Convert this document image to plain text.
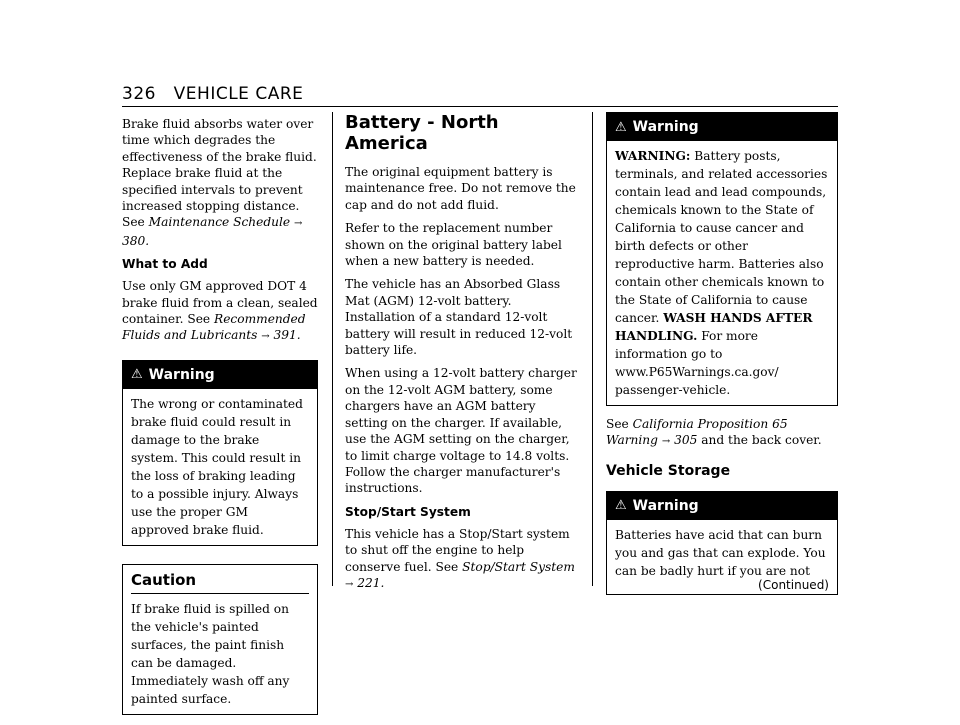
326 VEHICLE CARE

Brake fluid absorbs water over time which degrades the effectiveness of the brake fluid. Replace brake fluid at the specified intervals to prevent increased stopping distance. See Maintenance Schedule → 380.

What to Add

Use only GM approved DOT 4 brake fluid from a clean, sealed container. See Recommended Fluids and Lubricants → 391.

⚠ Warning

The wrong or contaminated brake fluid could result in damage to the brake system. This could result in the loss of braking leading to a possible injury. Always use the proper GM approved brake fluid.

Caution

If brake fluid is spilled on the vehicle's painted surfaces, the paint finish can be damaged. Immediately wash off any painted surface.

Battery - North America

The original equipment battery is maintenance free. Do not remove the cap and do not add fluid.

Refer to the replacement number shown on the original battery label when a new battery is needed.

The vehicle has an Absorbed Glass Mat (AGM) 12-volt battery. Installation of a standard 12-volt battery will result in reduced 12-volt battery life.

When using a 12-volt battery charger on the 12-volt AGM battery, some chargers have an AGM battery setting on the charger. If available, use the AGM setting on the charger, to limit charge voltage to 14.8 volts. Follow the charger manufacturer's instructions.

Stop/Start System

This vehicle has a Stop/Start system to shut off the engine to help conserve fuel. See Stop/Start System → 221.

⚠ Warning

WARNING: Battery posts, terminals, and related accessories contain lead and lead compounds, chemicals known to the State of California to cause cancer and birth defects or other reproductive harm. Batteries also contain other chemicals known to the State of California to cause cancer. WASH HANDS AFTER HANDLING. For more information go to www.P65Warnings.ca.gov/ passenger-vehicle.

See California Proposition 65 Warning → 305 and the back cover.

Vehicle Storage
⚠ Warning

Batteries have acid that can burn you and gas that can explode. You can be badly hurt if you are not

(Continued)
